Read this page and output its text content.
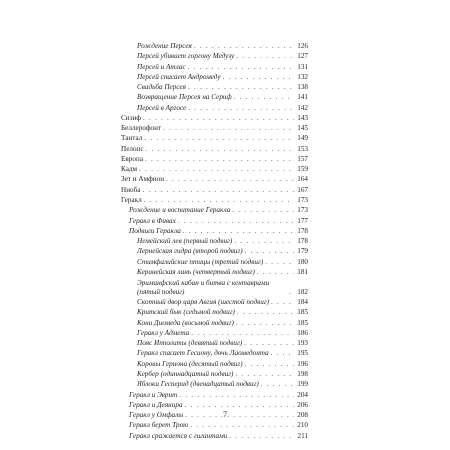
Рождение Персея . . .	126
Персей убивает горгону Медузу . . .	127
Персей и Атлас . . .	131
Персей спасает Андромеду . . .	132
Свадьба Персея . . .	138
Возвращение Персея на Сериф . . .	141
Персей в Аргосе . . .	142
Сизиф . . .	143
Беллерофонт . . .	145
Тантал . . .	149
Пелопс . . .	153
Европа . . .	157
Кадм . . .	159
Зет и Амфион . . .	164
Ниоба . . .	167
Геракл . . .	173
Рождение и воспитание Геракла . . .	173
Геракл в Фивах . . .	177
Подвиги Геракла . . .	178
Немейский лев (первый подвиг) . . .	178
Лернейская гидра (второй подвиг) . . .	179
Стимфалийские птицы (третий подвиг) . . .	180
Керинейская лань (четвертый подвиг) . . .	181
Эриманфский кабан и битва с кентаврами (пятый подвиг) . . .	182
Скотный двор царя Авгия (шестой подвиг) . . .	184
Критский бык (седьмой подвиг) . . .	185
Кони Диомеда (восьмой подвиг) . . .	185
Геракл у Адмета . . .	186
Пояс Ипполиты (девятый подвиг) . . .	193
Геракл спасает Гесиону, дочь Лаомедонта . . .	195
Коровы Гериона (десятый подвиг) . . .	196
Кербер (одиннадцатый подвиг) . . .	198
Яблоки Гесперид (двенадцатый подвиг) . . .	199
Геракл и Эврит . . .	204
Геракл и Деянира . . .	206
Геракл у Омфалы . . .	208
Геракл берет Трою . . .	210
Геракл сражается с гигантами . . .	211
7
